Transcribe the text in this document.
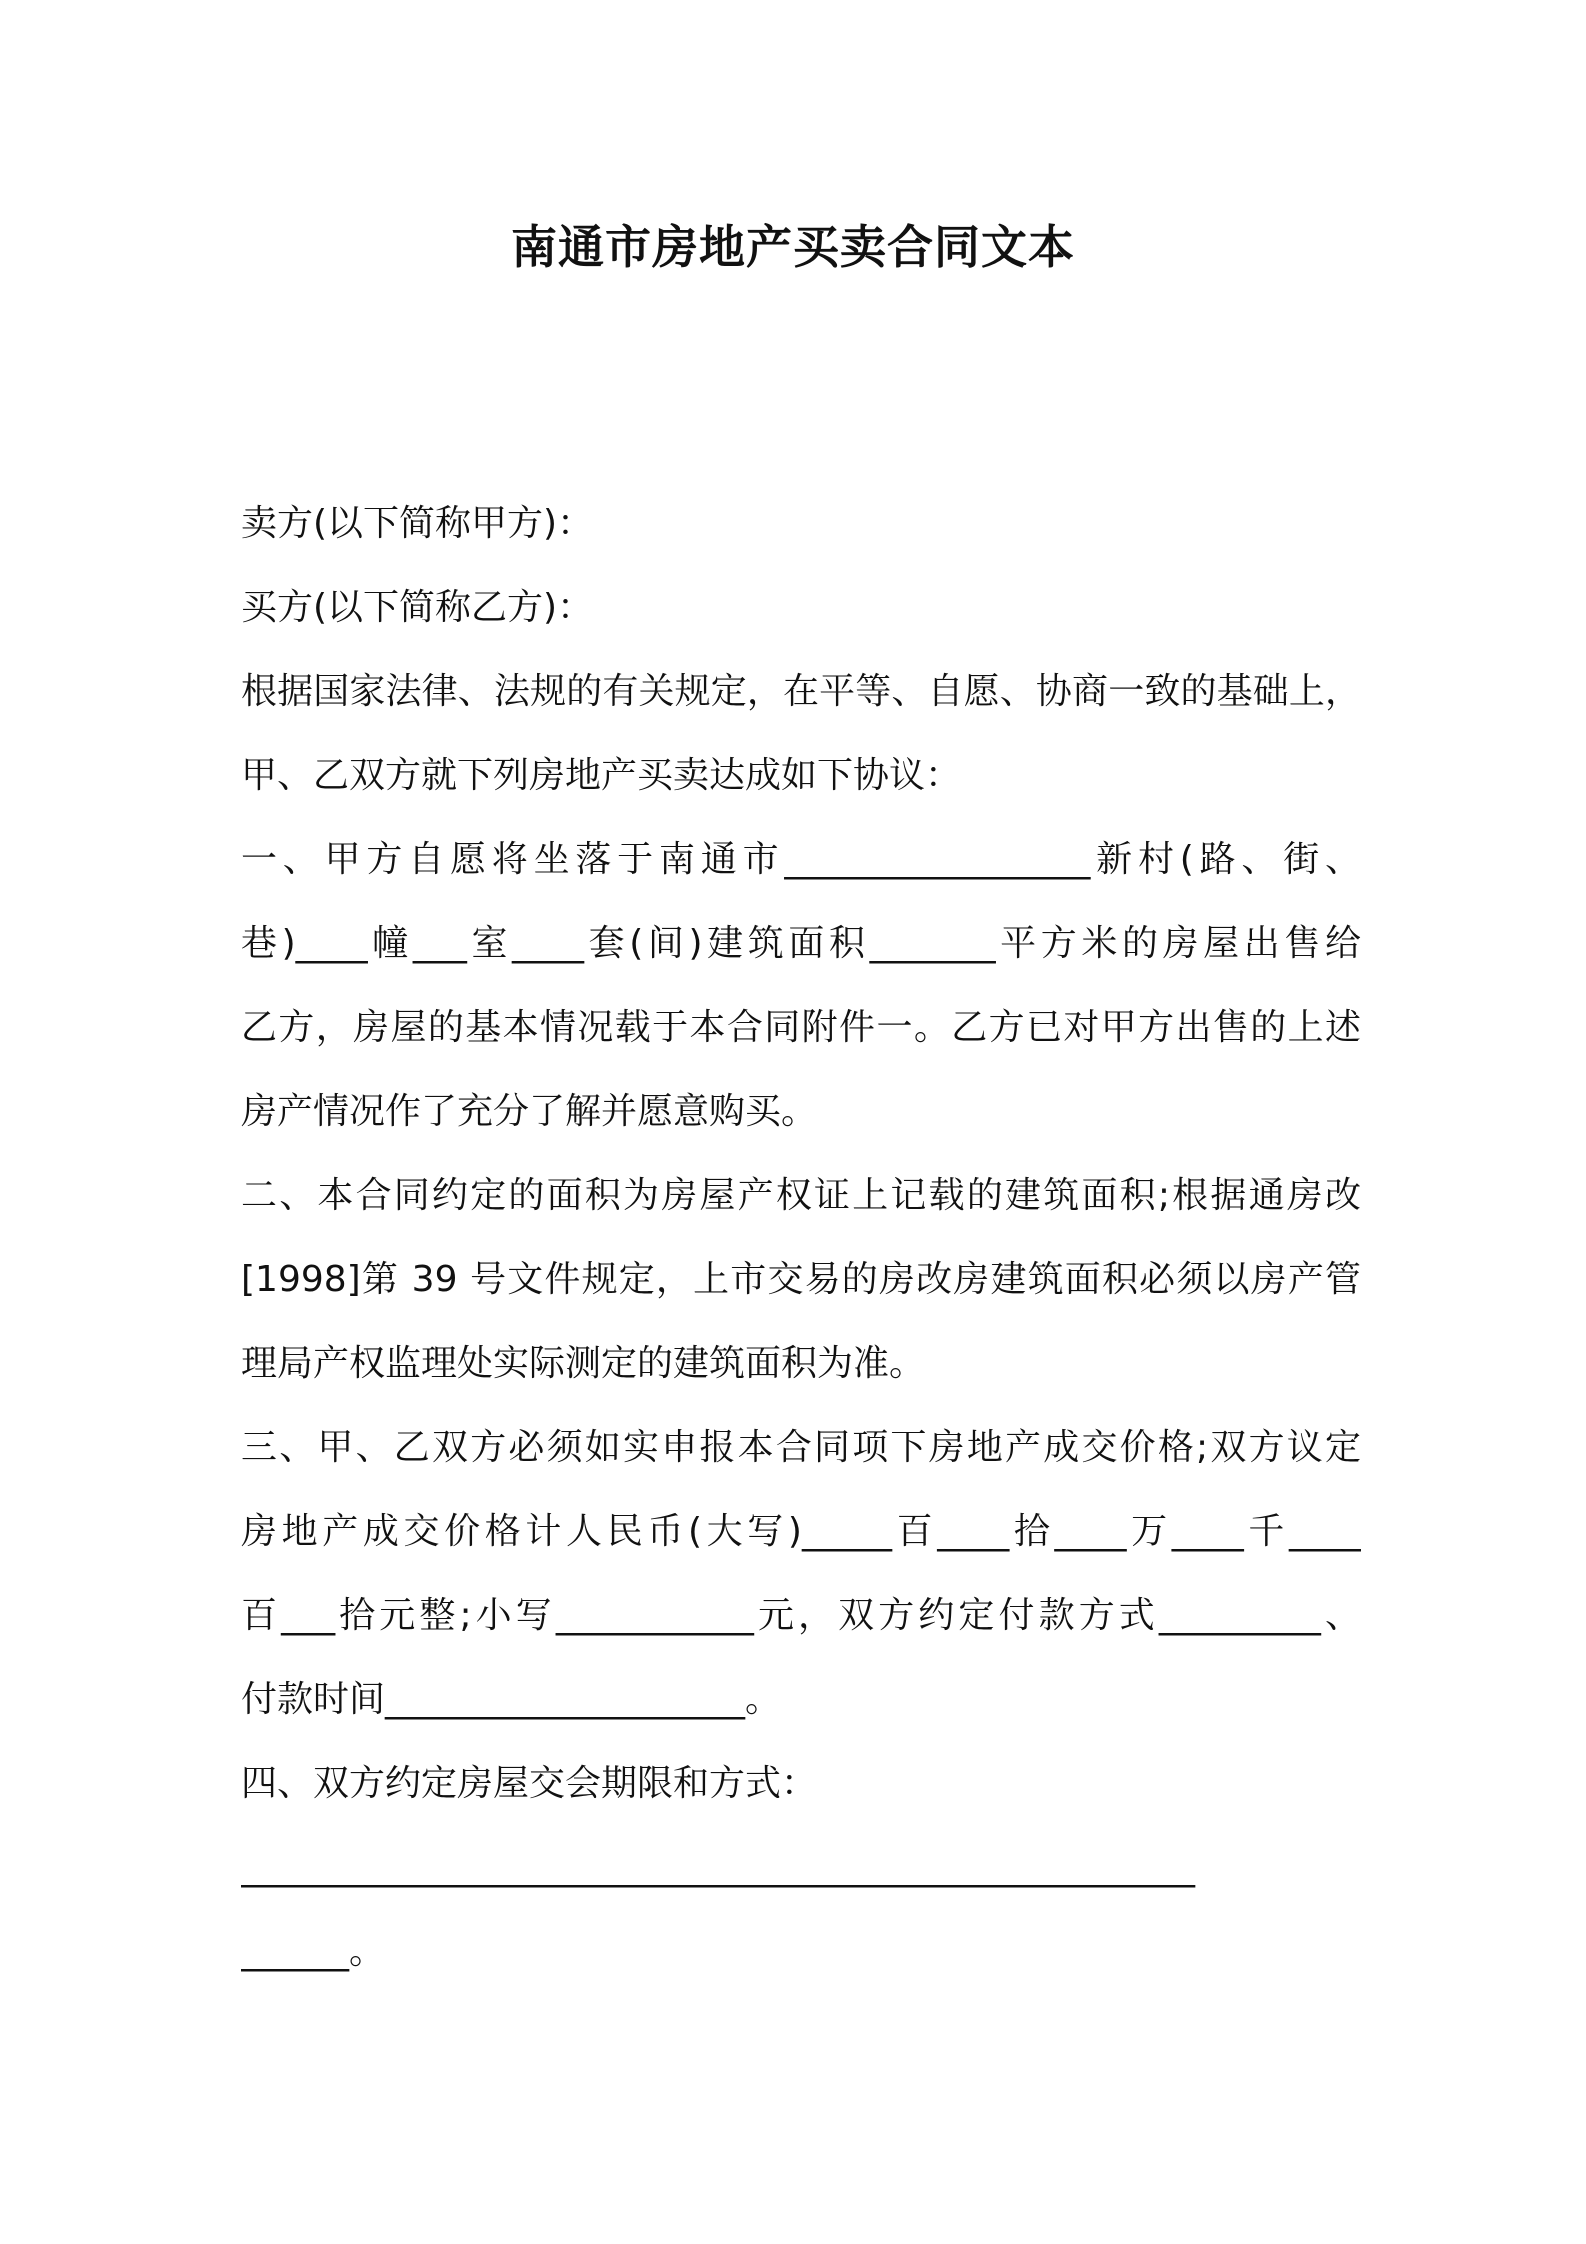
南通市房地产买卖合同文本
卖方(以下简称甲方)：
买方(以下简称乙方)：
根据国家法律、法规的有关规定，在平等、自愿、协商一致的基础上，
甲、乙双方就下列房地产买卖达成如下协议：
一、甲方自愿将坐落于南通市_________________新村(路、街、
巷)____幢___室____套(间)建筑面积_______平方米的房屋出售给
乙方，房屋的基本情况载于本合同附件一。乙方已对甲方出售的上述
房产情况作了充分了解并愿意购买。
二、本合同约定的面积为房屋产权证上记载的建筑面积;根据通房改
[1998]第 39 号文件规定，上市交易的房改房建筑面积必须以房产管
理局产权监理处实际测定的建筑面积为准。
三、甲、乙双方必须如实申报本合同项下房地产成交价格;双方议定
房地产成交价格计人民币(大写)_____百____拾____万____千____
百___拾元整;小写___________元，双方约定付款方式_________、
付款时间____________________。
四、双方约定房屋交会期限和方式：
_____________________________________________________
______。
